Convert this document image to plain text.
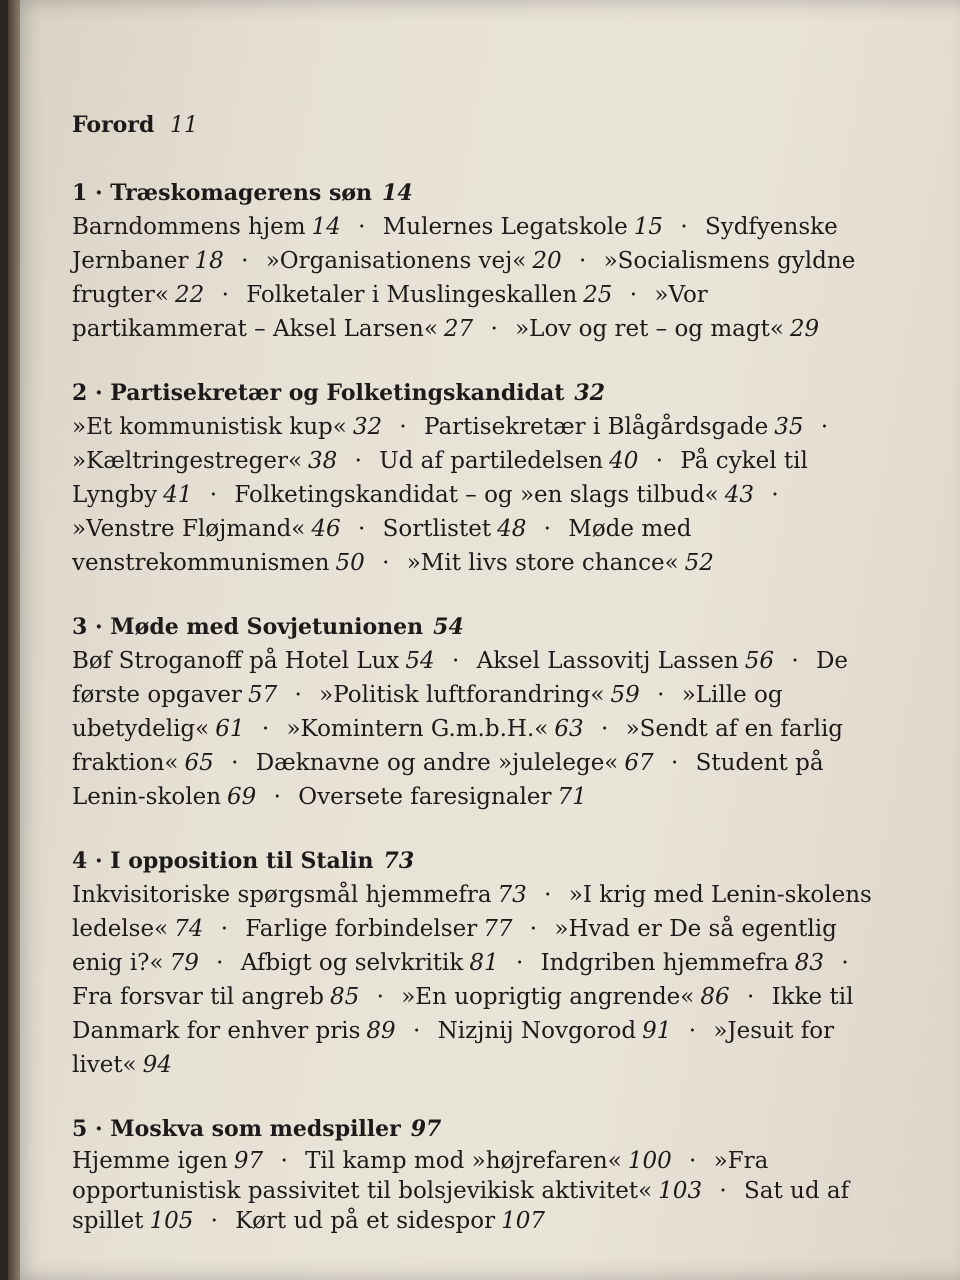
Forord 11

1 · Træskomagerens søn 14

Barndommens hjem 14 · Mulernes Legatskole 15 · Sydfyenske Jernbaner 18 · »Organisationens vej« 20 · »Socialismens gyldne frugter« 22 · Folketaler i Muslingeskallen 25 · »Vor partikammerat – Aksel Larsen« 27 · »Lov og ret – og magt« 29

2 · Partisekretær og Folketingskandidat 32

»Et kommunistisk kup« 32 · Partisekretær i Blågårdsgade 35 · »Kæltringestreger« 38 · Ud af partiledelsen 40 · På cykel til Lyngby 41 · Folketingskandidat – og »en slags tilbud« 43 · »Venstre Fløjmand« 46 · Sortlistet 48 · Møde med venstrekommunismen 50 · »Mit livs store chance« 52

3 · Møde med Sovjetunionen 54

Bøf Stroganoff på Hotel Lux 54 · Aksel Lassovitj Lassen 56 · De første opgaver 57 · »Politisk luftforandring« 59 · »Lille og ubetydelig« 61 · »Komintern G.m.b.H.« 63 · »Sendt af en farlig fraktion« 65 · Dæknavne og andre »julelege« 67 · Student på Lenin-skolen 69 · Oversete faresignaler 71

4 · I opposition til Stalin 73

Inkvisitoriske spørgsmål hjemmefra 73 · »I krig med Lenin-skolens ledelse« 74 · Farlige forbindelser 77 · »Hvad er De så egentlig enig i?« 79 · Afbigt og selvkritik 81 · Indgriben hjemmefra 83 · Fra forsvar til angreb 85 · »En uoprigtig angrende« 86 · Ikke til Danmark for enhver pris 89 · Nizjnij Novgorod 91 · »Jesuit for livet« 94

5 · Moskva som medspiller 97

Hjemme igen 97 · Til kamp mod »højrefaren« 100 · »Fra opportunistisk passivitet til bolsjevikisk aktivitet« 103 · Sat ud af spillet 105 · Kørt ud på et sidespor 107
